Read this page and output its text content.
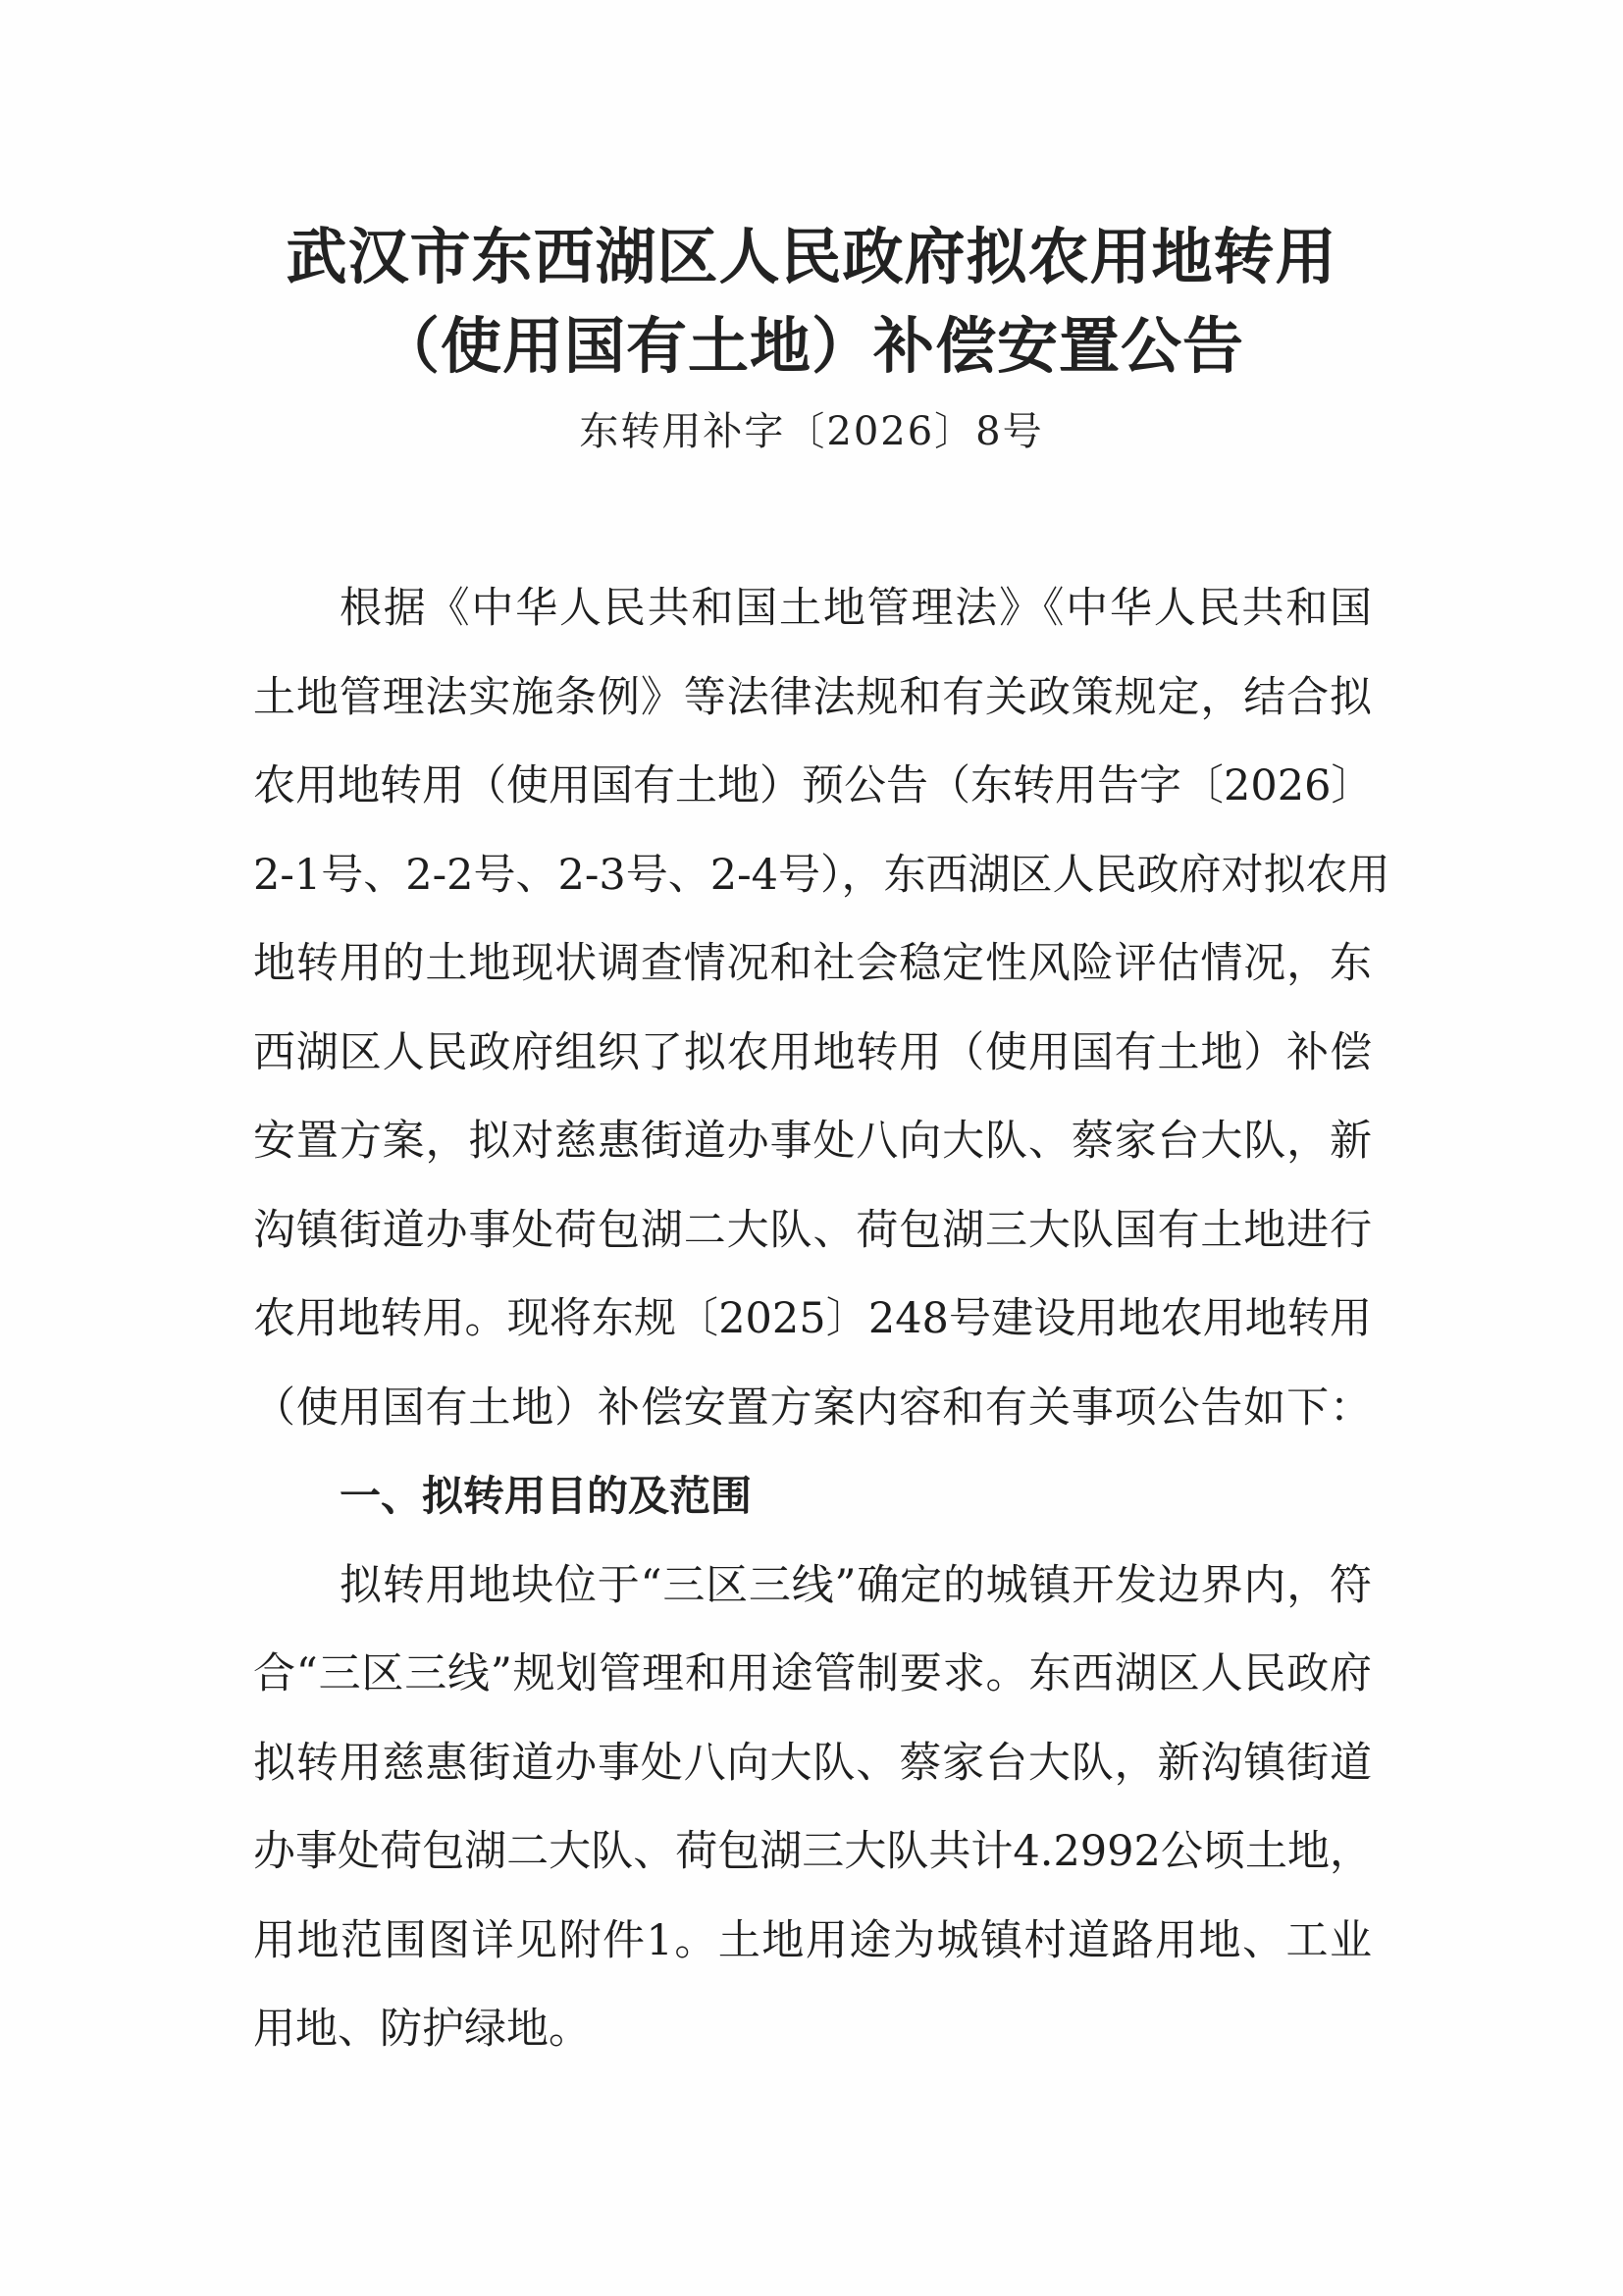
武汉市东西湖区人民政府拟农用地转用
（使用国有土地）补偿安置公告
东转用补字〔2026〕8号
根据《中华人民共和国土地管理法》《中华人民共和国
土地管理法实施条例》等法律法规和有关政策规定，结合拟
农用地转用（使用国有土地）预公告（东转用告字〔2026〕
2-1号、2-2号、2-3号、2-4号），东西湖区人民政府对拟农用
地转用的土地现状调查情况和社会稳定性风险评估情况，东
西湖区人民政府组织了拟农用地转用（使用国有土地）补偿
安置方案，拟对慈惠街道办事处八向大队、蔡家台大队，新
沟镇街道办事处荷包湖二大队、荷包湖三大队国有土地进行
农用地转用。现将东规〔2025〕248号建设用地农用地转用
（使用国有土地）补偿安置方案内容和有关事项公告如下：
一、拟转用目的及范围
拟转用地块位于“三区三线”确定的城镇开发边界内，符
合“三区三线”规划管理和用途管制要求。东西湖区人民政府
拟转用慈惠街道办事处八向大队、蔡家台大队，新沟镇街道
办事处荷包湖二大队、荷包湖三大队共计4.2992公顷土地，
用地范围图详见附件1。土地用途为城镇村道路用地、工业
用地、防护绿地。
